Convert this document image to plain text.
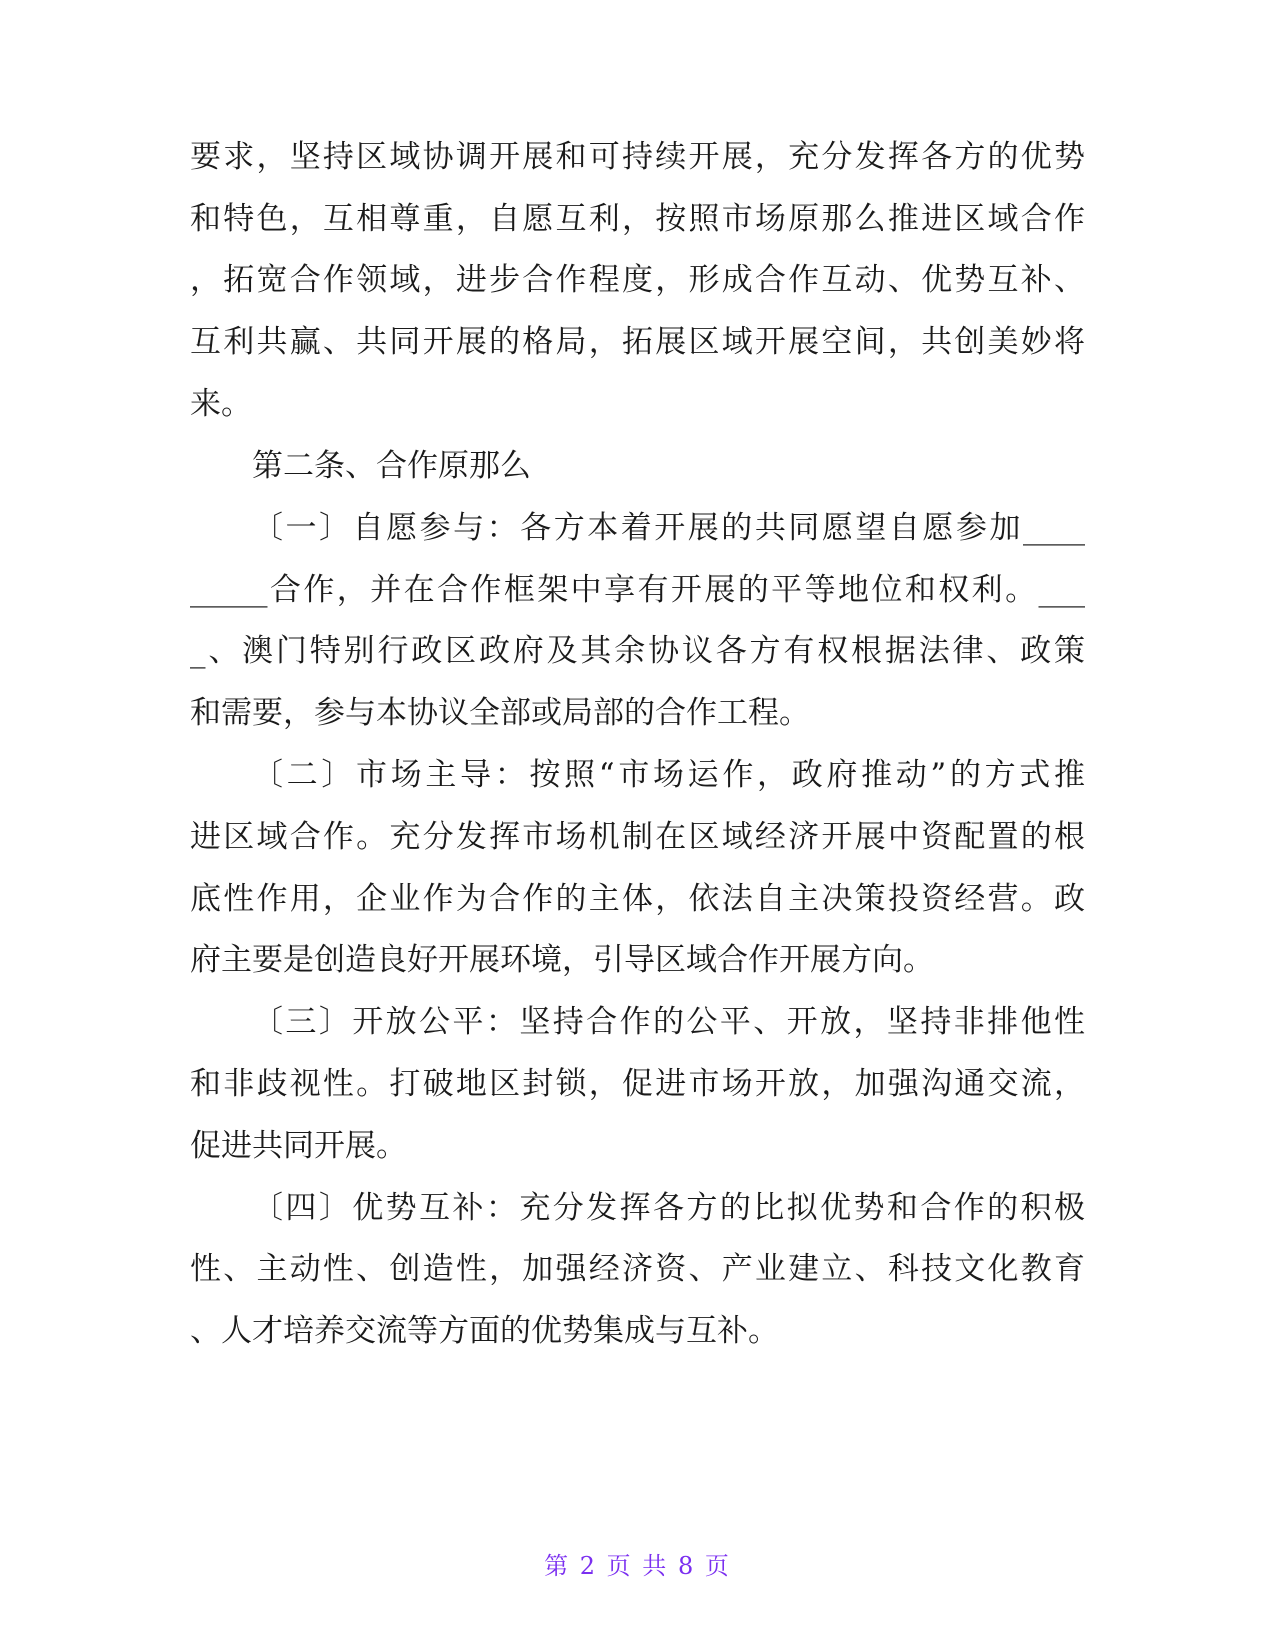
要求，坚持区域协调开展和可持续开展，充分发挥各方的优势
和特色，互相尊重，自愿互利，按照市场原那么推进区域合作
，拓宽合作领域，进步合作程度，形成合作互动、优势互补、
互利共赢、共同开展的格局，拓展区域开展空间，共创美妙将
来。
第二条、合作原那么
〔一〕自愿参与：各方本着开展的共同愿望自愿参加____
_____合作，并在合作框架中享有开展的平等地位和权利。___
_、澳门特别行政区政府及其余协议各方有权根据法律、政策
和需要，参与本协议全部或局部的合作工程。
〔二〕市场主导：按照“市场运作，政府推动”的方式推
进区域合作。充分发挥市场机制在区域经济开展中资配置的根
底性作用，企业作为合作的主体，依法自主决策投资经营。政
府主要是创造良好开展环境，引导区域合作开展方向。
〔三〕开放公平：坚持合作的公平、开放，坚持非排他性
和非歧视性。打破地区封锁，促进市场开放，加强沟通交流，
促进共同开展。
〔四〕优势互补：充分发挥各方的比拟优势和合作的积极
性、主动性、创造性，加强经济资、产业建立、科技文化教育
、人才培养交流等方面的优势集成与互补。
第 2 页 共 8 页
